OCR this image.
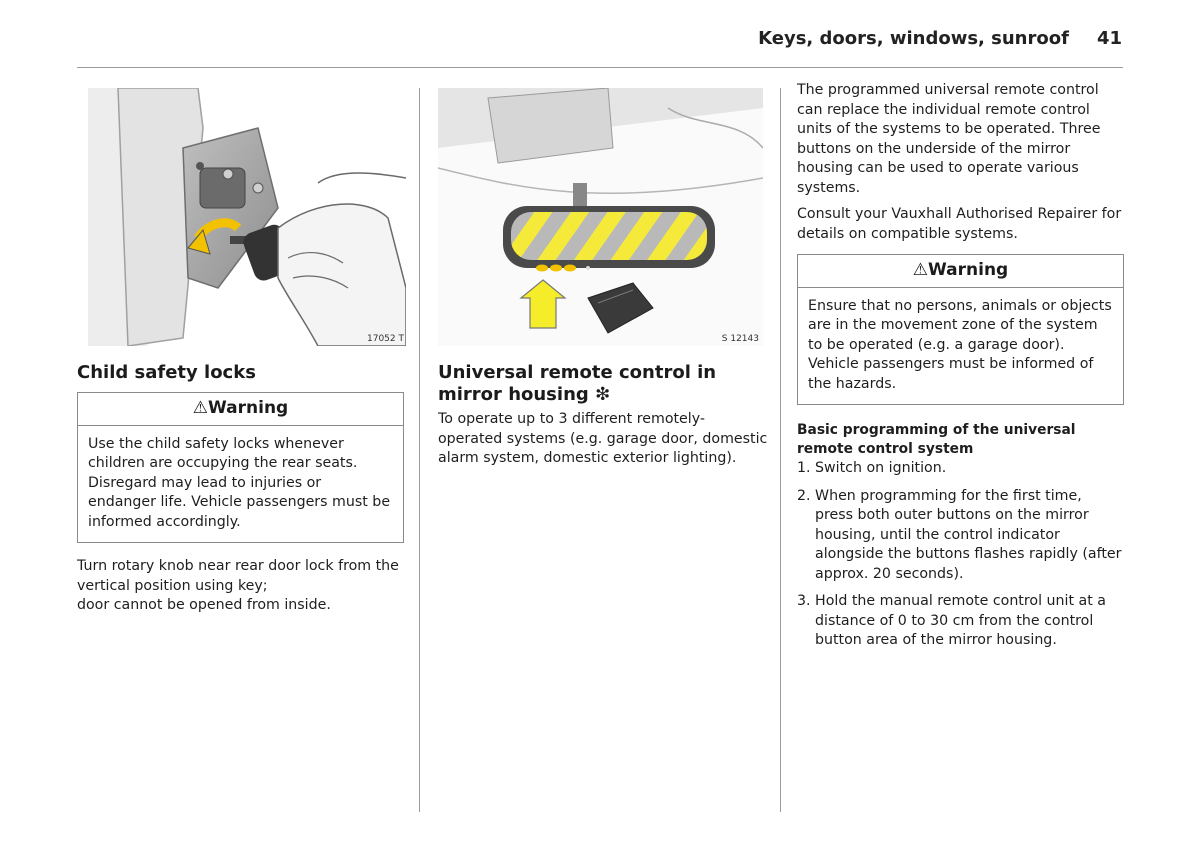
Keys, doors, windows, sunroof 41
17052 T	S 12143
Child safety locks
⚠Warning
Use the child safety locks whenever children are occupying the rear seats. Disregard may lead to injuries or endanger life. Vehicle passengers must be informed accordingly.

Turn rotary knob near rear door lock from the vertical position using key;

door cannot be opened from inside.

Universal remote control in mirror housing ❇

To operate up to 3 different remotely-operated systems (e.g. garage door, domestic alarm system, domestic exterior lighting).

The programmed universal remote control can replace the individual remote control units of the systems to be operated. Three buttons on the underside of the mirror housing can be used to operate various systems.

Consult your Vauxhall Authorised Repairer for details on compatible systems.

⚠Warning
Ensure that no persons, animals or objects are in the movement zone of the system to be operated (e.g. a garage door). Vehicle passengers must be informed of the hazards.

Basic programming of the universal remote control system

1. Switch on ignition.

2. When programming for the first time, press both outer buttons on the mirror housing, until the control indicator alongside the buttons flashes rapidly (after approx. 20 seconds).

3. Hold the manual remote control unit at a distance of 0 to 30 cm from the control button area of the mirror housing.
